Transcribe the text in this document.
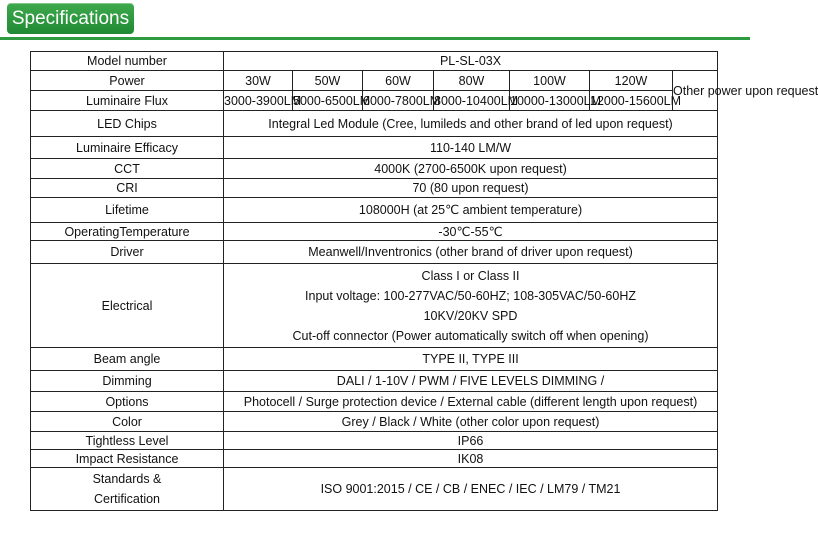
Specifications
Model number	PL-SL-03X						
Power	30W	50W	60W	80W	100W	120W	Other power upon request
Luminaire Flux	3000-3900LM	5000-6500LM	6000-7800LM	8000-10400LM	10000-13000LM	12000-15600LM	
LED Chips	Integral Led Module (Cree, lumileds and other brand of led upon request)						
Luminaire Efficacy	110-140 LM/W						
CCT	4000K (2700-6500K upon request)						
CRI	70 (80 upon request)						
Lifetime	108000H (at 25℃ ambient temperature)						
OperatingTemperature	-30℃-55℃						
Driver	Meanwell/Inventronics (other brand of driver upon request)						
Electrical	Class I or Class II
Input voltage: 100-277VAC/50-60HZ; 108-305VAC/50-60HZ
10KV/20KV SPD
Cut-off connector (Power automatically switch off when opening)						

Beam angle	TYPE II, TYPE III						
Dimming	DALI / 1-10V / PWM / FIVE LEVELS DIMMING /						
Options	Photocell / Surge protection device / External cable (different length upon request)						
Color	Grey / Black / White (other color upon request)						
Tightless Level	IP66						
Impact Resistance	IK08						

Standards &
Certification	ISO 9001:2015 / CE / CB / ENEC / IEC / LM79 / TM21						
